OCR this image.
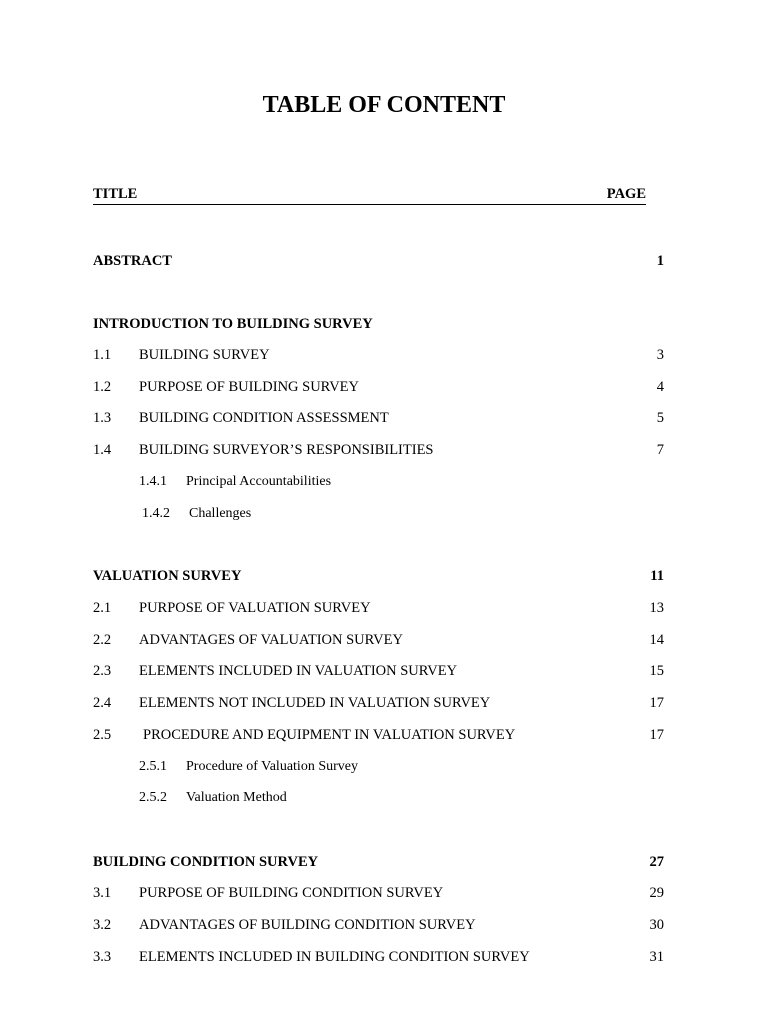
TABLE OF CONTENT
TITLE	PAGE
ABSTRACT	1
INTRODUCTION TO BUILDING SURVEY
1.1 BUILDING SURVEY	3
1.2 PURPOSE OF BUILDING SURVEY	4
1.3 BUILDING CONDITION ASSESSMENT	5
1.4 BUILDING SURVEYOR’S RESPONSIBILITIES	7
1.4.1 Principal Accountabilities
1.4.2 Challenges
VALUATION SURVEY	11
2.1 PURPOSE OF VALUATION SURVEY	13
2.2 ADVANTAGES OF VALUATION SURVEY	14
2.3 ELEMENTS INCLUDED IN VALUATION SURVEY	15
2.4 ELEMENTS NOT INCLUDED IN VALUATION SURVEY	17
2.5 PROCEDURE AND EQUIPMENT IN VALUATION SURVEY	17
2.5.1 Procedure of Valuation Survey
2.5.2 Valuation Method
BUILDING CONDITION SURVEY	27
3.1 PURPOSE OF BUILDING CONDITION SURVEY	29
3.2 ADVANTAGES OF BUILDING CONDITION SURVEY	30
3.3 ELEMENTS INCLUDED IN BUILDING CONDITION SURVEY	31
